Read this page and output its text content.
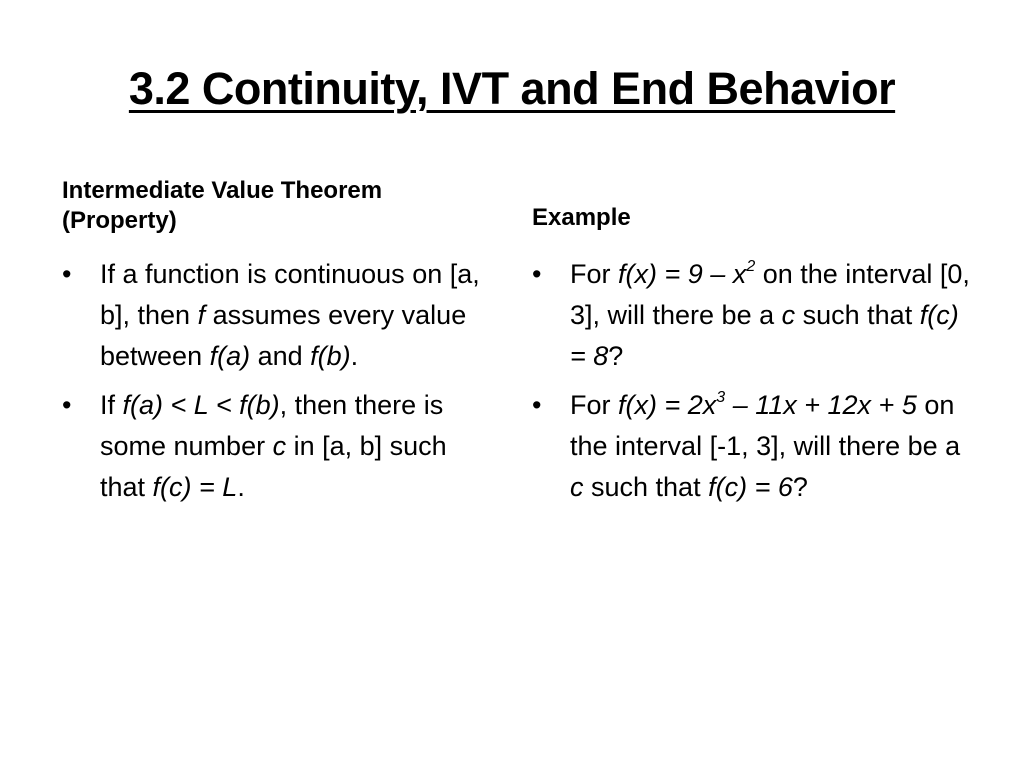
3.2 Continuity, IVT and End Behavior
Intermediate Value Theorem (Property)
•	If a function is continuous on [a, b], then f assumes every value between f(a) and f(b).
•	If f(a) < L < f(b), then there is some number c in [a, b] such that f(c) = L.
Example
•	For $f(x) = 9 - x^2$ on the interval [0, 3], will there be a c such that f(c) = 8?
•	For $f(x) = 2x^3 - 11x + 12x + 5$ on the interval [-1, 3], will there be a c such that f(c) = 6?
